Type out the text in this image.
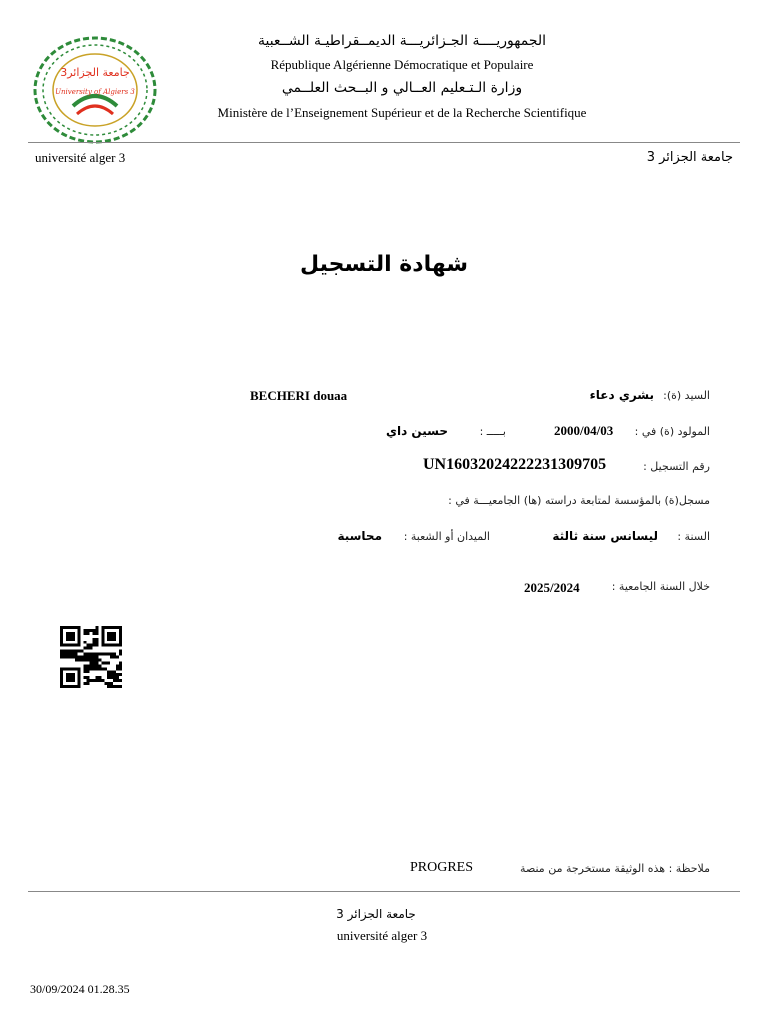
جامعة الجزائر3
University of Algiers 3
الجمهوريــــة الجـزائريـــة الديمــقراطيـة الشــعبية
République Algérienne Démocratique et Populaire
وزارة الـتـعليم العــالي و البــحث العلــمي
Ministère de l’Enseignement Supérieur et de la Recherche Scientifique
université alger 3	جامعة الجزائر 3
شهادة التسجيل
السيد (ة):
بشري دعاء
BECHERI douaa
المولود (ة) في :
2000/04/03
بـــــ :
حسين داي
رقم التسجيل :
UN16032024222231309705
مسجل(ة) بالمؤسسة لمتابعة دراسته (ها) الجامعيـــة في :
السنة :
ليسانس سنة ثالثة
الميدان أو الشعبة :
محاسبة
خلال السنة الجامعية :
2025/2024
ملاحظة : هذه الوثيقة مستخرجة من منصة
PROGRES
جامعة الجزائر 3
université alger 3
30/09/2024 01.28.35
